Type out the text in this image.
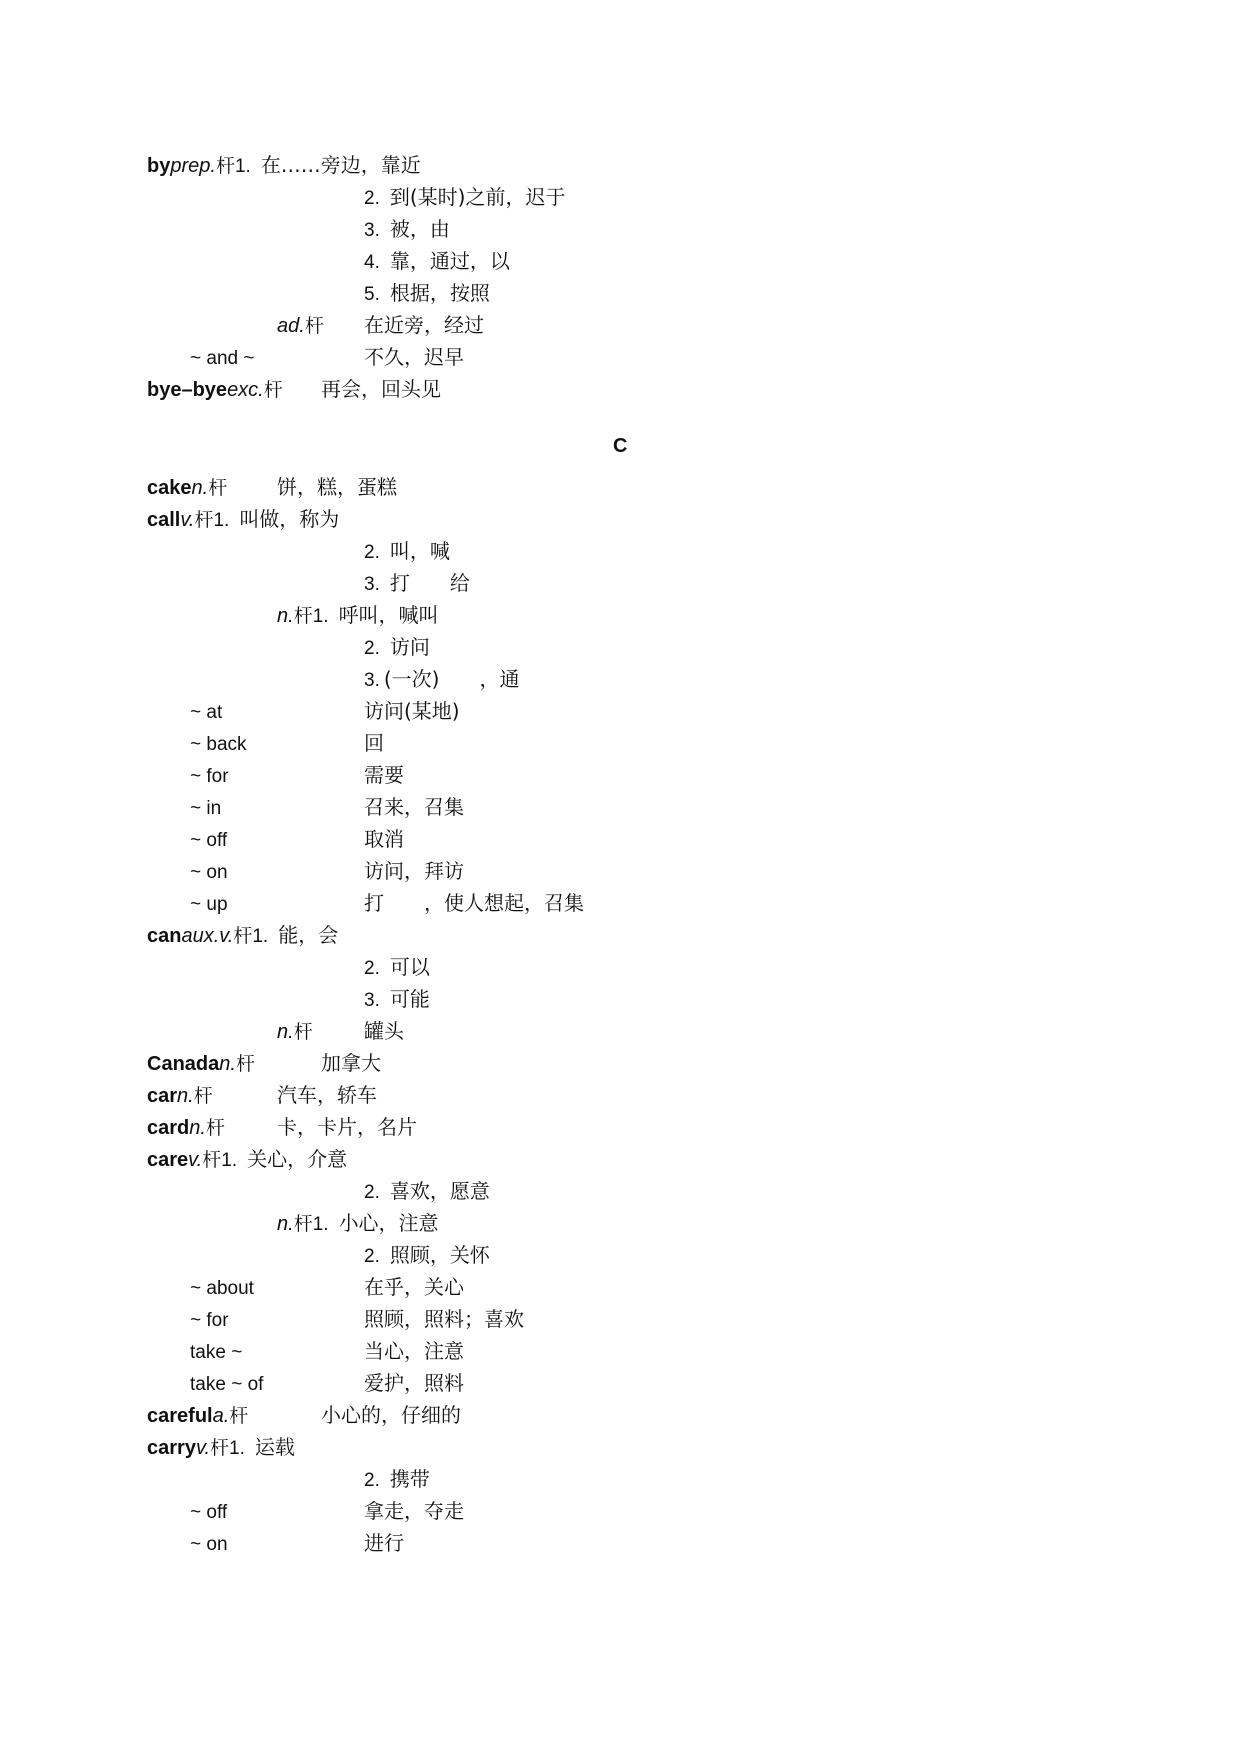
byprep.杆1. 在……旁边，靠近
2. 到(某时)之前，迟于
3. 被，由
4. 靠，通过，以
5. 根据，按照
ad.杆 在近旁，经过
~ and ~	不久，迟早
bye–byeexc.杆 再会，回头见
C
caken.杆 饼，糕，蛋糕
callv.杆1. 叫做，称为
2. 叫，喊
3. 打　　给
n.杆1. 呼叫，喊叫
2. 访问
3. (一次)　　，通
~ at	访问(某地)
~ back	回
~ for	需要
~ in	召来，召集
~ off	取消
~ on	访问，拜访
~ up	打　　，使人想起，召集
canaux.v.杆1. 能，会
2. 可以
3. 可能
n.杆	罐头
Canadan.杆	加拿大
carn.杆	汽车，轿车
cardn.杆	卡，卡片，名片
carev.杆1. 关心，介意
2. 喜欢，愿意
n.杆1. 小心，注意
2. 照顾，关怀
~ about	在乎，关心
~ for	照顾，照料；喜欢
take ~	当心，注意
take ~ of	爱护，照料
carefula.杆	小心的，仔细的
carryv.杆1. 运载
2. 携带
~ off	拿走，夺走
~ on	进行
